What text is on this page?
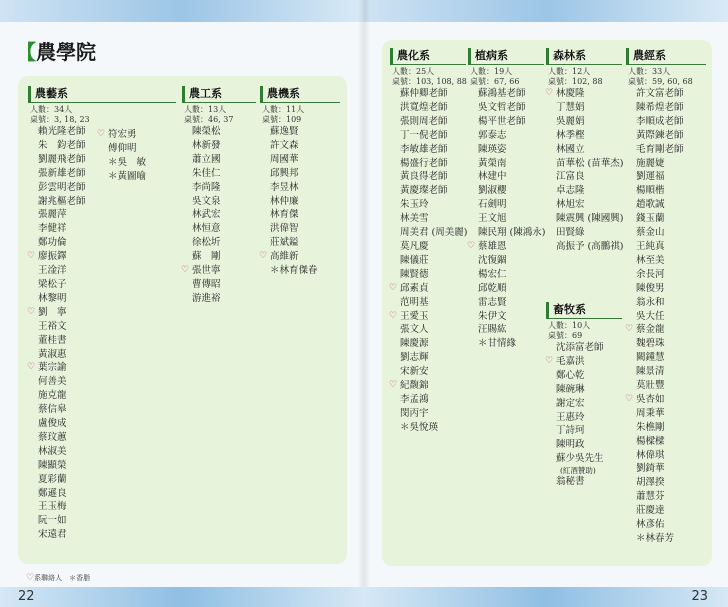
【農學院
農藝系
人數：34人
桌號：3, 18, 23
賴光隆老師
朱　鈞老師
劉麗飛老師
張新雄老師
彭雲明老師
謝兆樞老師
張麗萍
李健祥
鄭功倫
♡ 廖振鐸
王淦洋
梁松子
林黎明
♡ 劉　寧
王裕文
董桂書
黃淑惠
♡ 葉宗諭
何善美
施克龍
蔡信皋
盧俊成
蔡玟蕙
林淑美
陳顯榮
夏彩蘭
鄭遜良
王玉梅
阮一如
宋遠君
♡ 符宏勇
傅仰明
＊吳　敏
＊黃圖喻
農工系
人數：13人
桌號：46, 37
陳榮松
林新發
蕭立國
朱佳仁
李尚隆
吳文泉
林武宏
林恒意
徐松圻
蘇　剛
♡ 張世寧
曹傳昭
游進裕
農機系
人數：11人
桌號：109
蘇逸賢
許文森
周國華
邱興邦
李昱林
林仲廉
林育傑
洪偉智
莊斌鎰
♡ 高維新
＊林育傑眷
♡系聯絡人　 ＊香脂
22
農化系
人數：25人
桌號：103, 108, 88
蘇仲卿老師
洪寬煌老師
張則周老師
丁一倪老師
李敏雄老師
楊盛行老師
黃良得老師
黃慶璨老師
朱玉玲
林美雪
周美君 (周美麗)
莫凡慶
陳儀莊
陳賢德
♡ 邱素貞
范明基
♡ 王愛玉
張文人
陳慶源
劉志輝
宋新安
♡ 紀馥錦
李孟鴻
閔丙宇
＊吳悅瑛
植病系
人數：19人
桌號：67, 66
蘇鴻基老師
吳文哲老師
楊平世老師
郭泰志
陳瑛姿
黃榮南
林建中
劉淑櫻
石劍明
王文旭
陳民翔 (陳鴻永)
♡ 蔡雄恩
沈復錮
楊宏仁
邱乾順
雷志賢
朱伊文
汪賜紘
＊甘情緣
森林系
人數：12人
桌號：102, 88
♡ 林慶隆
丁慧娟
吳麗娟
林季樫
林國立
苗華松 (苗華杰)
江富良
卓志隆
林旭宏
陳震興 (陳國興)
田賢綠
高振予 (高鵬祺)
畜牧系
人數：10人
桌號：69
沈添富老師
♡ 毛嘉洪
鄭心乾
陳碗琳
謝定宏
王惠玲
丁詩珂
陳明政
蘇少吳先生
(紅酒贊助)
翁秘書
農經系
人數：33人
桌號：59, 60, 68
許文富老師
陳希煌老師
李順成老師
黃際鍊老師
毛育剛老師
施麗婕
劉運福
楊順楷
趙歌誠
錢玉蘭
蔡金山
王純真
林至美
余長河
陳俊男
翁永和
吳大任
♡ 蔡金龍
魏碧珠
闕鍾慧
陳景清
莫壯豐
♡ 吳杏如
周秉華
朱樵剛
楊樑樑
林偉琪
劉錡華
胡澤揆
蕭慧芬
莊慶達
林彥佑
＊林春芳
23
